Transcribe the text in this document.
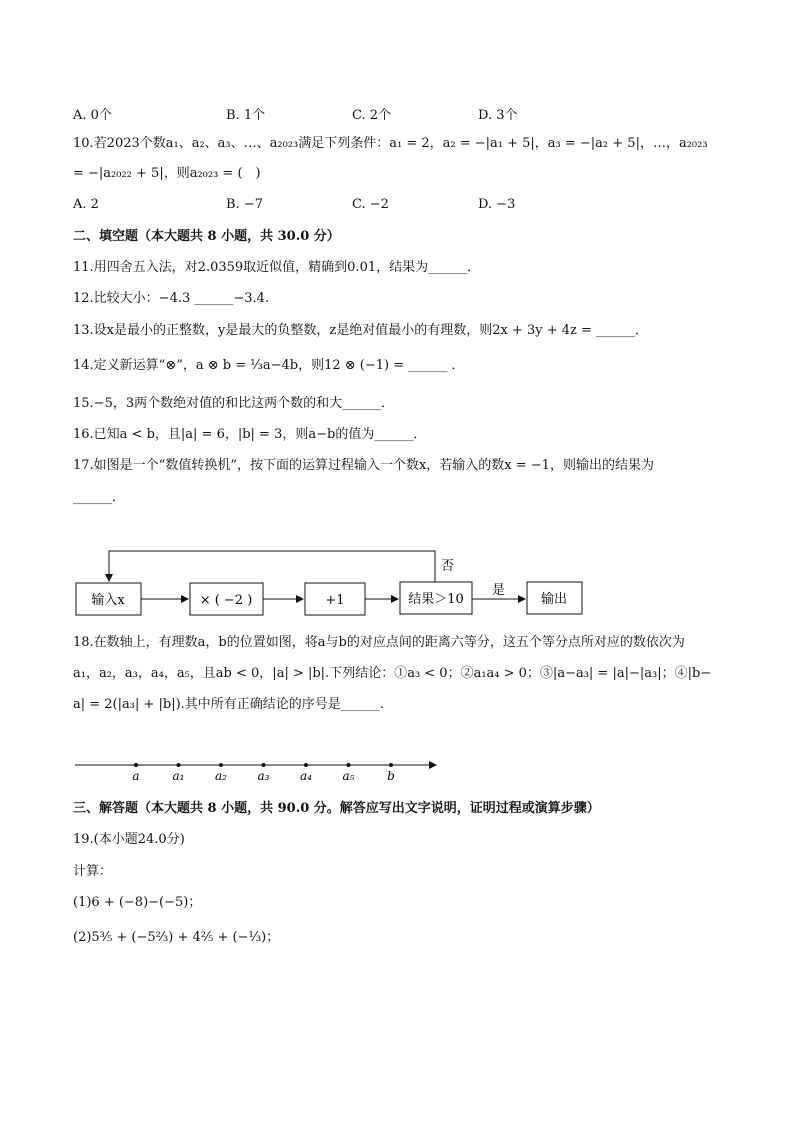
A. 0个	B. 1个	C. 2个	D. 3个
10.若2023个数a₁、a₂、a₃、…、a₂₀₂₃满足下列条件：a₁ = 2，a₂ = −|a₁ + 5|，a₃ = −|a₂ + 5|，…，a₂₀₂₃
= −|a₂₀₂₂ + 5|，则a₂₀₂₃ = (　)
A. 2	B. −7	C. −2	D. −3
二、填空题（本大题共 8 小题，共 30.0 分）
11.用四舍五入法，对2.0359取近似值，精确到0.01，结果为______．
12.比较大小：−4.3 ______−3.4.
13.设x是最小的正整数，y是最大的负整数，z是绝对值最小的有理数，则2x + 3y + 4z = ______．
14.定义新运算“⊗”，a ⊗ b = ⅓a−4b，则12 ⊗ (−1) = ______ ．
15.−5，3两个数绝对值的和比这两个数的和大______．
16.已知a < b，且|a| = 6，|b| = 3，则a−b的值为______．
17.如图是一个“数值转换机”，按下面的运算过程输入一个数x，若输入的数x = −1，则输出的结果为
______．
输入x	× ( −2 )	+1	结果＞10	输出
否
是
18.在数轴上，有理数a，b的位置如图，将a与b的对应点间的距离六等分，这五个等分点所对应的数依次为
a₁，a₂，a₃，a₄，a₅，且ab < 0，|a| > |b|.下列结论：①a₃ < 0；②a₁a₄ > 0；③|a−a₃| = |a|−|a₃|；④|b−
a| = 2(|a₃| + |b|).其中所有正确结论的序号是______.
a	a₁	a₂	a₃	a₄	a₅	b
三、解答题（本大题共 8 小题，共 90.0 分。解答应写出文字说明，证明过程或演算步骤）
19.(本小题24.0分)
计算：
(1)6 + (−8)−(−5)；
(2)5³⁄₅ + (−5²⁄₃) + 4²⁄₅ + (−⅓)；
